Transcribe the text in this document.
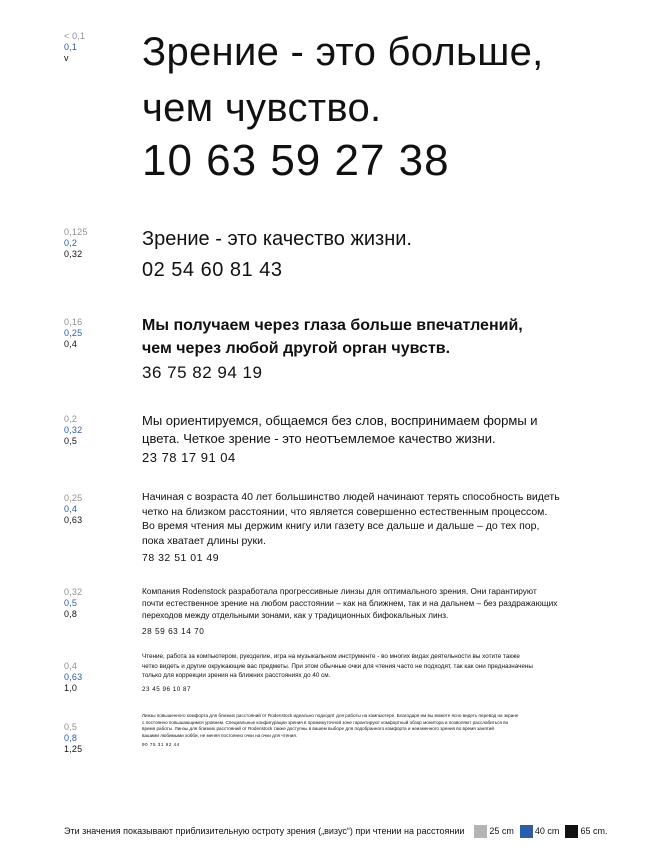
< 0,1
0,1
v	Зрение - это больше,

чем чувство.

10 63 59 27 38

0,125
0,2
0,32

Зрение - это качество жизни.

02 54 60 81 43

0,16
0,25
0,4

Мы получаем через глаза больше впечатлений,

чем через любой другой орган чувств.

36 75 82 94 19

0,2
0,32
0,5

Мы ориентируемся, общаемся без слов, воспринимаем формы и

цвета. Четкое зрение - это неотъемлемое качество жизни.

23 78 17 91 04

0,25
0,4
0,63

Начиная с возраста 40 лет большинство людей начинают терять способность видеть

четко на близком расстоянии, что является совершенно естественным процессом.

Во время чтения мы держим книгу или газету все дальше и дальше – до тех пор,

пока хватает длины руки.

78 32 51 01 49

0,32
0,5
0,8

Компания Rodenstock разработала прогрессивные линзы для оптимального зрения. Они гарантируют

почти естественное зрение на любом расстоянии – как на ближнем, так и на дальнем – без раздражающих

переходов между отдельными зонами, как у традиционных бифокальных линз.

28 59 63 14 70

0,4
0,63
1,0

Чтение, работа за компьютером, рукоделие, игра на музыкальном инструменте - во многих видах деятельности вы хотите также

четко видеть и другие окружающие вас предметы. При этом обычные очки для чтения часто не подходят, так как они предназначены

только для коррекции зрения на ближних расстояниях до 40 см.

23 45 96 10 87

0,5
0,8
1,25

Линзы повышенного комфорта для близких расстояний от Rodenstock идеально подходят для работы на компьютере. Благодаря им вы можете ясно видеть перевод на экране

с постоянно повышающимся уровнем. Специальные конфигурации зрения в промежуточной зоне гарантируют комфортный обзор монитора и позволяют расслабиться во

время работы. Линзы для близких расстояний от Rodenstock также доступны в вашем выборе для подобранного комфорта и неизменного зрения во время занятий

вашими любимыми хобби, не меняя постоянно очки на очки для чтения.

90 75 31 92 44

Эти значения показывают приблизительную остроту зрения („визус“) при чтении на расстоянии	25 cm 40 cm 65 cm.
